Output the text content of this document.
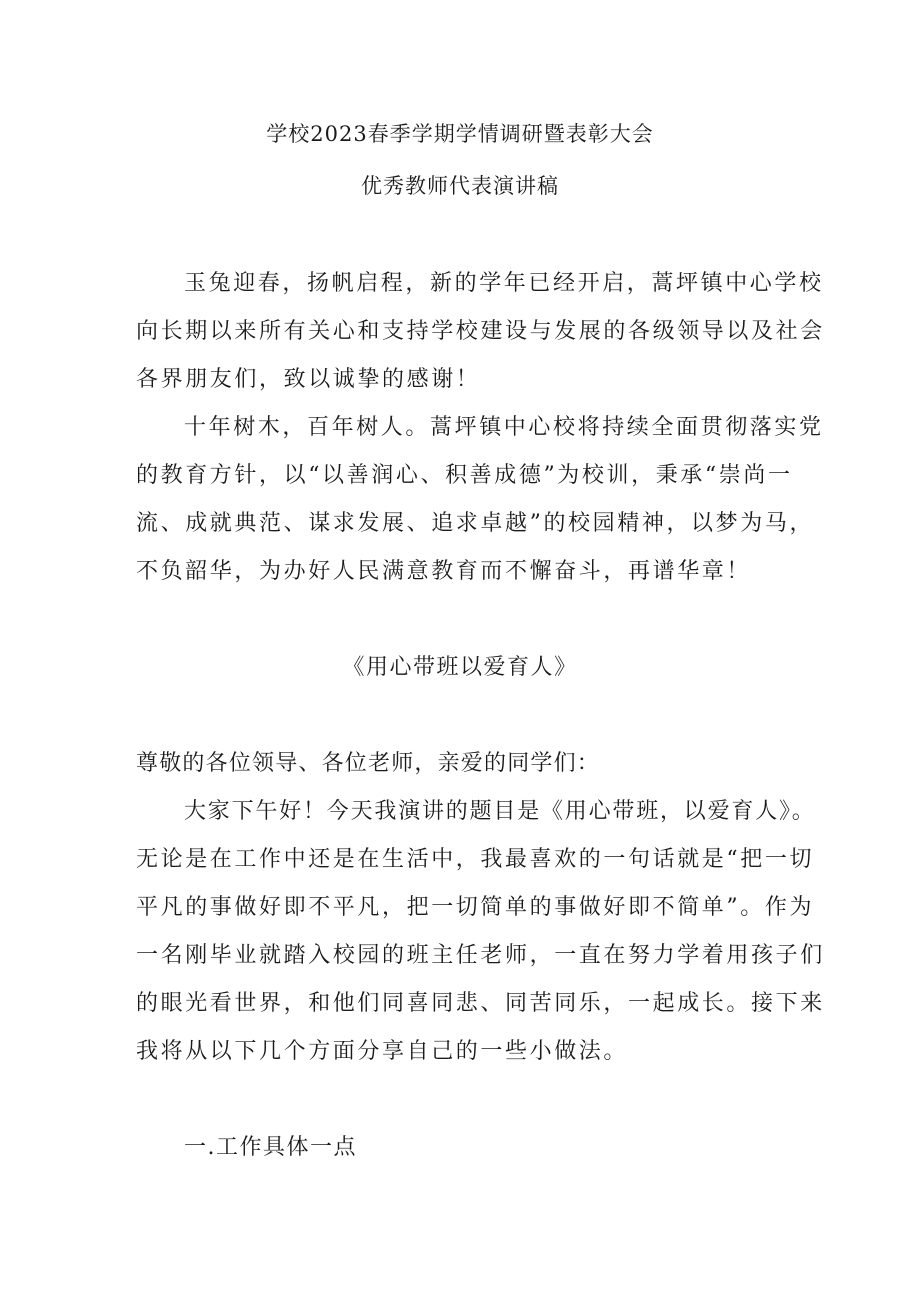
学校2023春季学期学情调研暨表彰大会
优秀教师代表演讲稿
玉兔迎春，扬帆启程，新的学年已经开启，蒿坪镇中心学校
向长期以来所有关心和支持学校建设与发展的各级领导以及社会
各界朋友们，致以诚挚的感谢！
十年树木，百年树人。蒿坪镇中心校将持续全面贯彻落实党
的教育方针，以“以善润心、积善成德”为校训，秉承“崇尚一
流、成就典范、谋求发展、追求卓越”的校园精神，以梦为马，
不负韶华，为办好人民满意教育而不懈奋斗，再谱华章！
《用心带班以爱育人》
尊敬的各位领导、各位老师，亲爱的同学们：
大家下午好！今天我演讲的题目是《用心带班，以爱育人》。
无论是在工作中还是在生活中，我最喜欢的一句话就是“把一切
平凡的事做好即不平凡，把一切简单的事做好即不简单”。作为
一名刚毕业就踏入校园的班主任老师，一直在努力学着用孩子们
的眼光看世界，和他们同喜同悲、同苦同乐，一起成长。接下来
我将从以下几个方面分享自己的一些小做法。
一.工作具体一点
